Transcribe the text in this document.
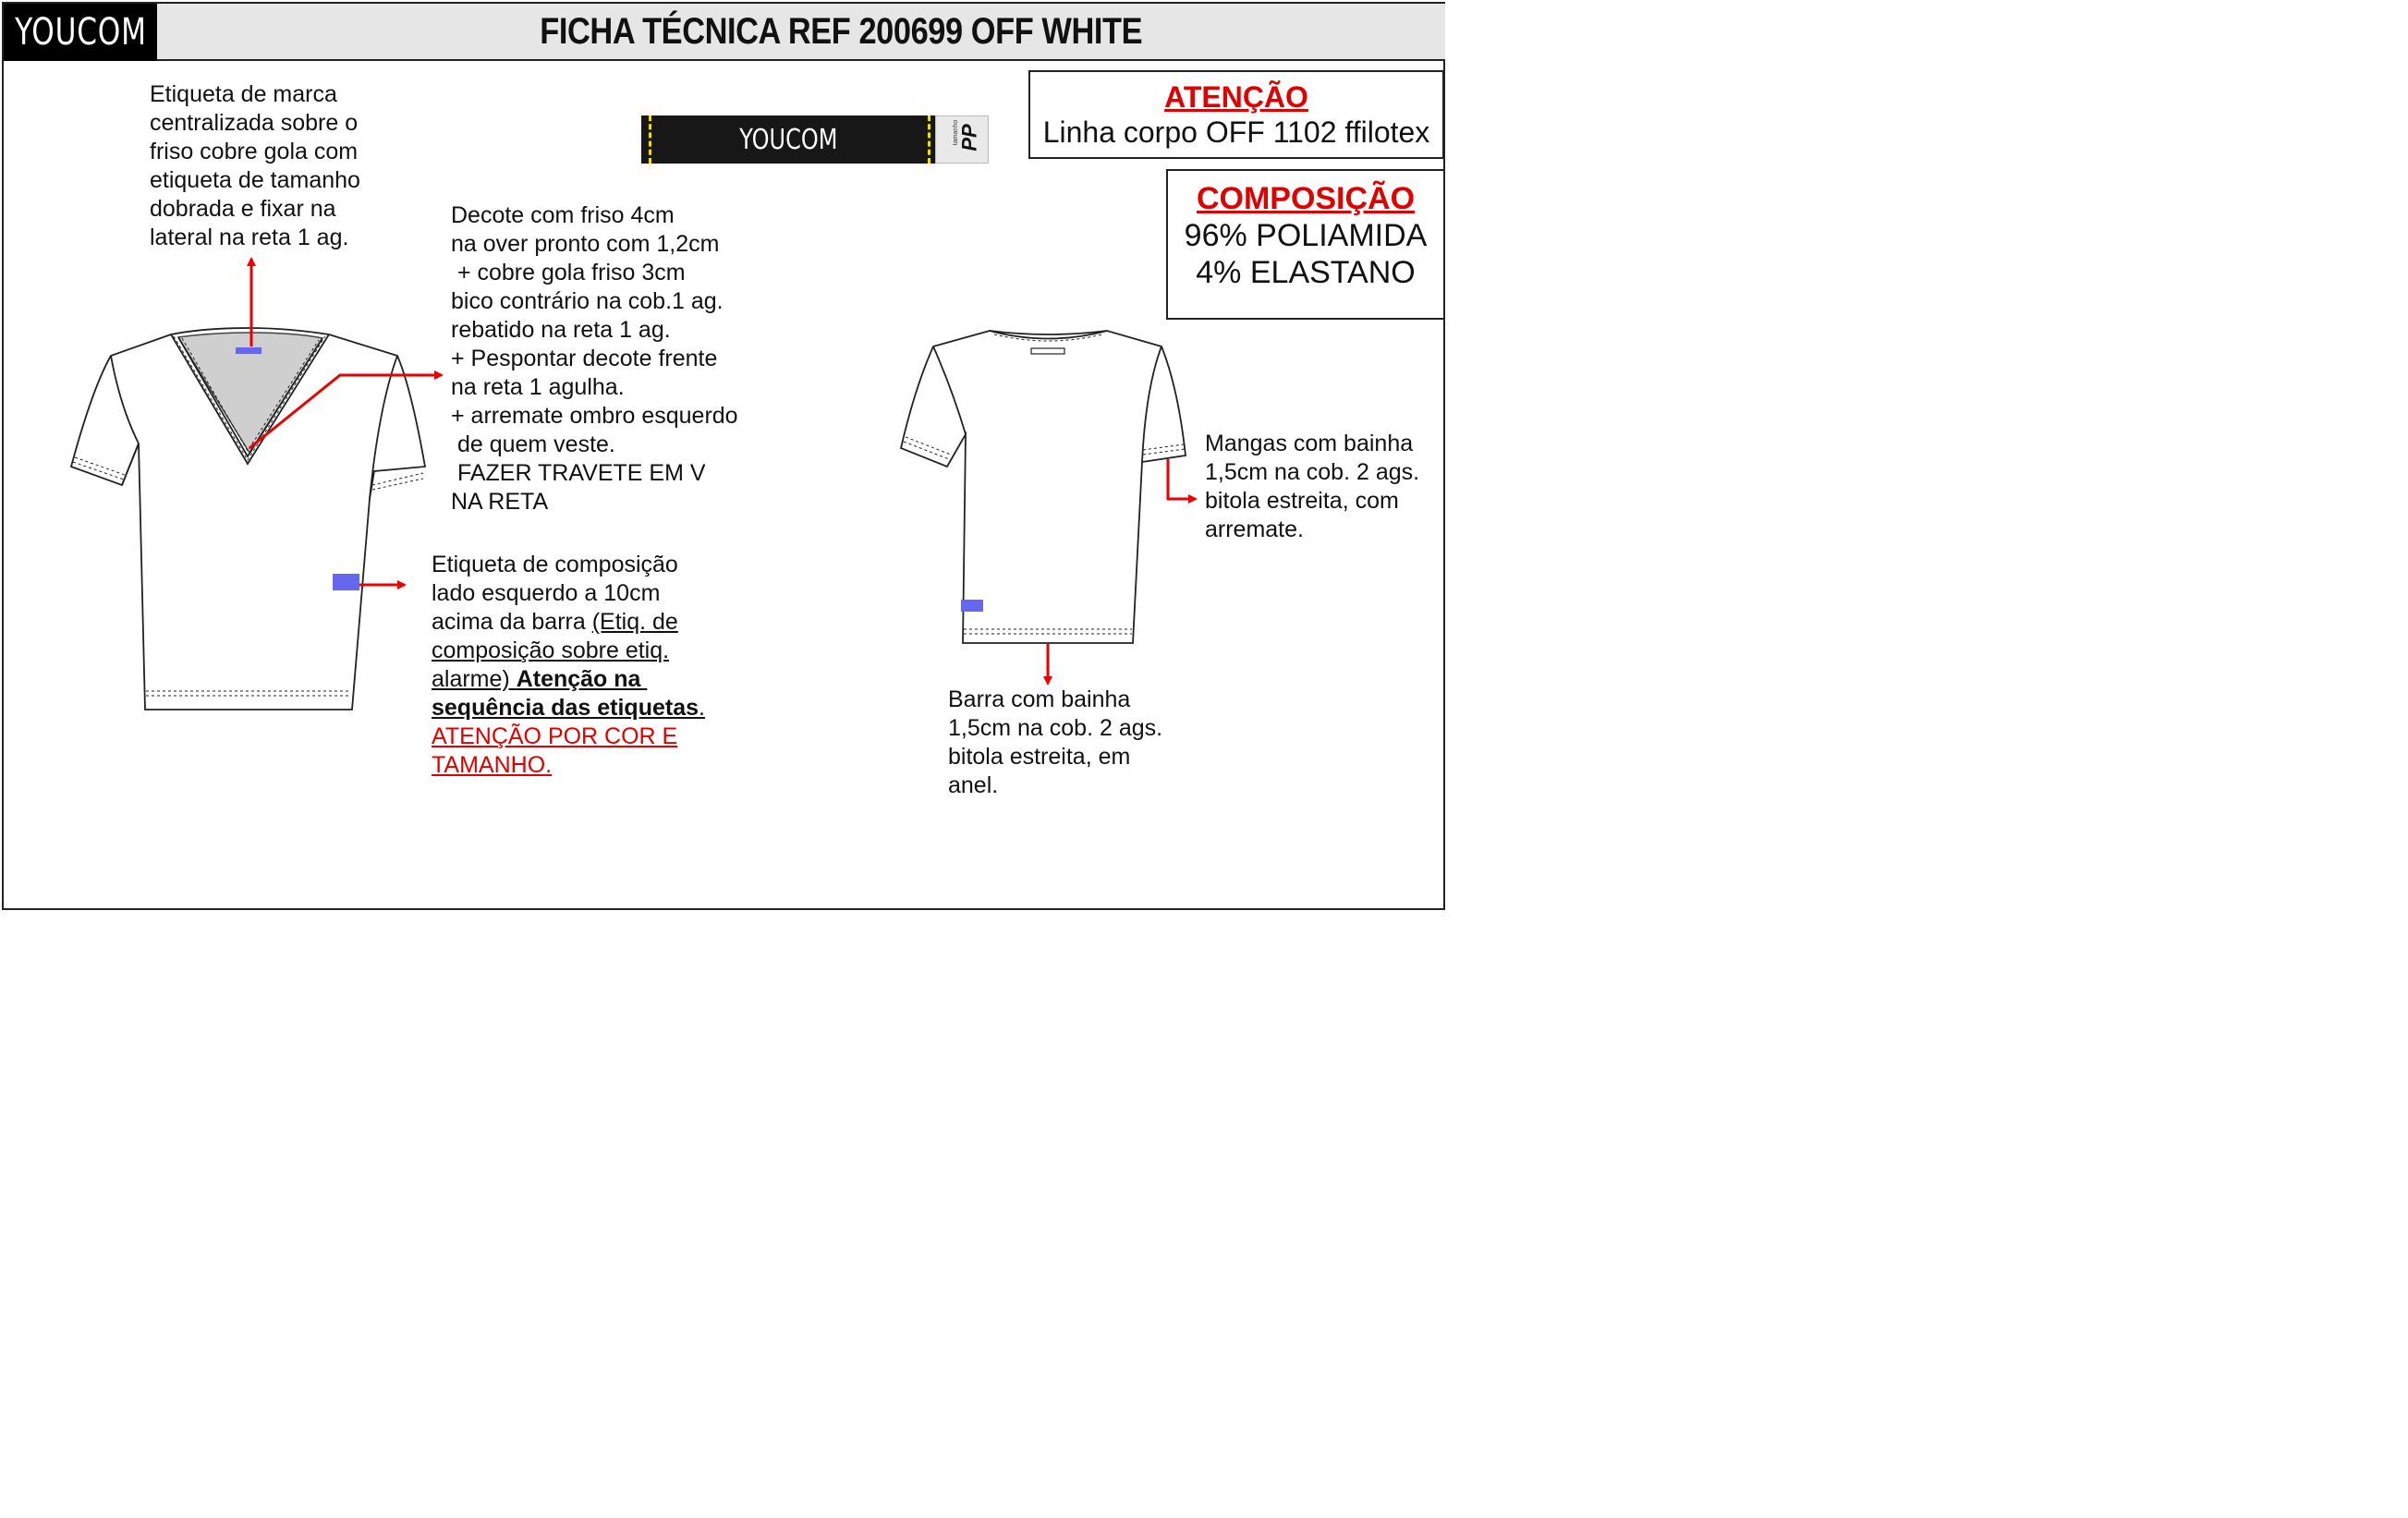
YOUCOM	FICHA TÉCNICA REF 200699 OFF WHITE
YOUCOM	tamanho
PP
ATENÇÃO
Linha corpo OFF 1102 ffilotex
COMPOSIÇÃO
96% POLIAMIDA
4% ELASTANO
Etiqueta de marca
centralizada sobre o
friso cobre gola com
etiqueta de tamanho
dobrada e fixar na
lateral na reta 1 ag.
Decote com friso 4cm
na over pronto com 1,2cm
+ cobre gola friso 3cm
bico contrário na cob.1 ag.
rebatido na reta 1 ag.
+ Pespontar decote frente
na reta 1 agulha.
+ arremate ombro esquerdo
de quem veste.
FAZER TRAVETE EM V
NA RETA
Etiqueta de composição
lado esquerdo a 10cm
acima da barra (Etiq. de
composição sobre etiq.
alarme) Atenção na
sequência das etiquetas.
ATENÇÃO POR COR E
TAMANHO.
Mangas com bainha
1,5cm na cob. 2 ags.
bitola estreita, com
arremate.
Barra com bainha
1,5cm na cob. 2 ags.
bitola estreita, em
anel.
